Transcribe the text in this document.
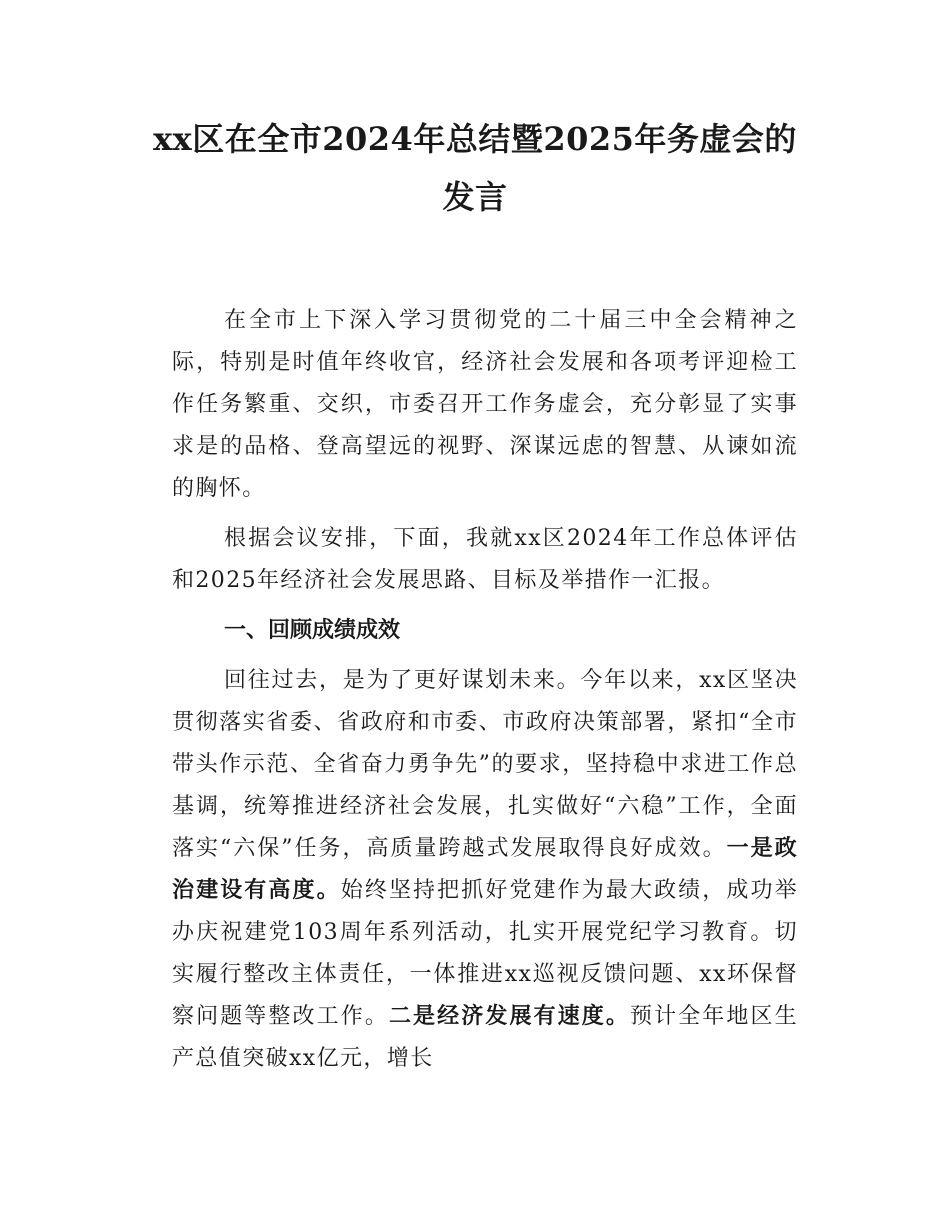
xx区在全市2024年总结暨2025年务虚会的
发言

在全市上下深入学习贯彻党的二十届三中全会精神之际，特别是时值年终收官，经济社会发展和各项考评迎检工作任务繁重、交织，市委召开工作务虚会，充分彰显了实事求是的品格、登高望远的视野、深谋远虑的智慧、从谏如流的胸怀。

根据会议安排，下面，我就xx区2024年工作总体评估和2025年经济社会发展思路、目标及举措作一汇报。

一、回顾成绩成效

回往过去，是为了更好谋划未来。今年以来，xx区坚决贯彻落实省委、省政府和市委、市政府决策部署，紧扣“全市带头作示范、全省奋力勇争先”的要求，坚持稳中求进工作总基调，统筹推进经济社会发展，扎实做好“六稳”工作，全面落实“六保”任务，高质量跨越式发展取得良好成效。一是政治建设有高度。始终坚持把抓好党建作为最大政绩，成功举办庆祝建党103周年系列活动，扎实开展党纪学习教育。切实履行整改主体责任，一体推进xx巡视反馈问题、xx环保督察问题等整改工作。二是经济发展有速度。预计全年地区生产总值突破xx亿元，增长
